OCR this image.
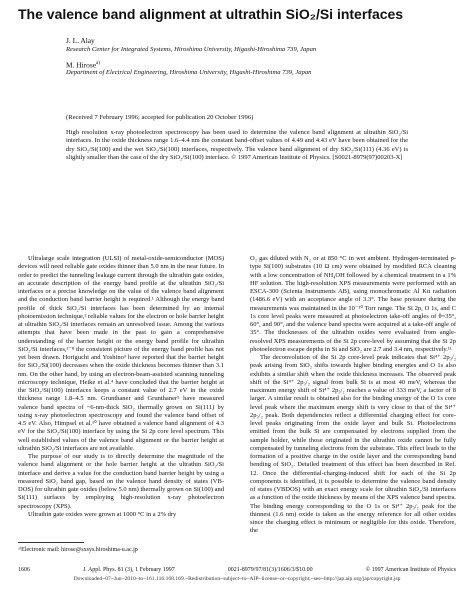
The valence band alignment at ultrathin SiO₂/Si interfaces
J. L. Alay
Research Center for Integrated Systems, Hiroshima University, Higashi-Hiroshima 739, Japan
M. Hirose$^{a)}$
Department of Electrical Engineering, Hiroshima University, Higashi-Hiroshima 739, Japan
(Received 7 February 1996; accepted for publication 20 October 1996)
High resolution x-ray photoelectron spectroscopy has been used to determine the valence band alignment at ultrathin SiO₂/Si interfaces. In the oxide thickness range 1.6–4.4 nm the constant band-offset values of 4.49 and 4.43 eV have been obtained for the dry SiO₂/Si(100) and the wet SiO₂/Si(100) interfaces, respectively. The valence band alignment of dry SiO₂/Si(111) (4.36 eV) is slightly smaller than the case of the dry SiO₂/Si(100) interface. © 1997 American Institute of Physics. [S0021-8979(97)00203-X]

Ultralarge scale integration (ULSI) of metal-oxide-semiconductor (MOS) devices will need reliable gate oxides thinner than 5.0 nm in the near future. In order to predict the tunneling leakage current through the ultrathin gate oxides, an accurate description of the energy band profile at the ultrathin SiO₂/Si interfaces or a precise knowledge on the value of the valence band alignment and the conduction band barrier height is required.¹ Although the energy band profile of thick SiO₂/Si interfaces has been determined by an internal photoemission technique,² reliable values for the electron or hole barrier height at ultrathin SiO₂/Si interfaces remain an unresolved issue. Among the various attempts that have been made in the past to gain a comprehensive understanding of the barrier height or the energy band profile for ultrathin SiO₂/Si interfaces,³⁻⁸ the consistent picture of the energy band profile has not yet been drawn. Horiguchi and Yoshino³ have reported that the barrier height for SiO₂/Si(100) decreases when the oxide thickness becomes thinner than 3.1 nm. On the other hand, by using an electron-beam-assisted scanning tunneling microscopy technique, Heike et al.⁴ have concluded that the barrier height at the SiO₂/Si(100) interfaces keeps a constant value of 2.7 eV in the oxide thickness range 1.8–4.5 nm. Grunthaner and Grunthaner⁵ have measured valence band spectra of ~6-nm-thick SiO₂ thermally grown on Si(111) by using x-ray photoelectron spectroscopy and found the valence band offset of 4.5 eV. Also, Himpsel et al.¹⁰ have obtained a valence band alignment of 4.3 eV for the SiO₂/Si(100) interface by using the Si 2p core level spectrum. This well established values of the valence band alignment or the barrier height at ultrathin SiO₂/Si interfaces are not available.

The purpose of our study is to directly determine the magnitude of the valence band alignment or the hole barrier height at the ultrathin SiO₂/Si interface and derive a value for the conduction band barrier height by using a measured SiO₂ band gap, based on the valence band density of states (VB-DOS) for ultrathin gate oxides (below 5.0 nm) thermally grown on Si(100) and Si(111) surfaces by employing high-resolution x-ray photoelectron spectroscopy (XPS).

Ultrathin gate oxides were grown at 1000 °C in a 2% dry

O₂ gas diluted with N₂ or at 850 °C in wet ambient. Hydrogen-terminated p-type Si(100) substrates (10 Ω cm) were obtained by modified RCA cleaning with a low concentration of NH₄OH followed by a chemical treatment in a 1% HF solution. The high-resolution XPS measurements were performed with an ESCA-300 (Scienta Instruments AB), using monochromatic Al Kα radiation (1486.6 eV) with an acceptance angle of 3.3°. The base pressure during the measurements was maintained in the 10⁻¹⁰ Torr range. The Si 2p, O 1s, and C 1s core level peaks were measured at photoelectron take-off angles of θ=35°, 60°, and 90°, and the valence band spectra were acquired at a take-off angle of 35°. The thicknesses of the ultrathin oxides were evaluated from angle-resolved XPS measurements of the Si 2p core-level by assuming that the Si 2p photoelectron escape depths in Si and SiO₂ are 2.7 and 3.4 nm, respectively.¹¹

The deconvolution of the Si 2p core-level peak indicates that Si⁴⁺ 2p₃/₂ peak arising from SiO₂ shifts towards higher binding energies and O 1s also exhibits a similar shift when the oxide thickness increases. The observed peak shift of the Si⁴⁺ 2p₃/₂ signal from bulk Si is at most 40 meV, whereas the maximum energy shift of Si⁴⁺ 2p₃/₂ reaches a value of 333 meV, a factor of 8 larger. A similar result is obtained also for the binding energy of the O 1s core level peak where the maximum energy shift is very close to that of the Si⁴⁺ 2p₃/₂ peak. Both dependencies reflect a differential charging effect for core-level peaks originating from the oxide layer and bulk Si. Photoelectrons emitted from the bulk Si are compensated by electrons supplied from the sample holder, while those originated in the ultrathin oxide cannot be fully compensated by tunneling electrons from the substrate. This effect leads to the formation of a positive charge in the oxide layer and the corresponding band bending of SiO₂. Detailed treatment of this effect has been described in Ref. 12. Once the differential-charging-induced shift for each of the Si 2p components is identified, it is possible to determine the valence band density of states (VBDOS) with an exact energy scale for ultrathin SiO₂/Si interfaces as a function of the oxide thickness by means of the XPS valence band spectra. The binding energy corresponding to the O 1s or Si⁴⁺ 2p₃/₂ peak for the thinnest (1.6 nm) oxide is taken as the energy reference for all other oxides since the charging effect is minimum or negligible for this oxide. Therefore, the

ᵃ⁾Electronic mail: hirose@sxsys.hiroshima-u.ac.jp
1606	J. Appl. Phys. 81 (3), 1 February 1997	0021-8979/97/81(3)/1606/3/$10.00	© 1997 American Institute of Physics
Downloaded~07~Jun~2010~to~161.116.168.169.~Redistribution~subject~to~AIP~license~or~copyright;~see~http://jap.aip.org/jap/copyright.jsp
